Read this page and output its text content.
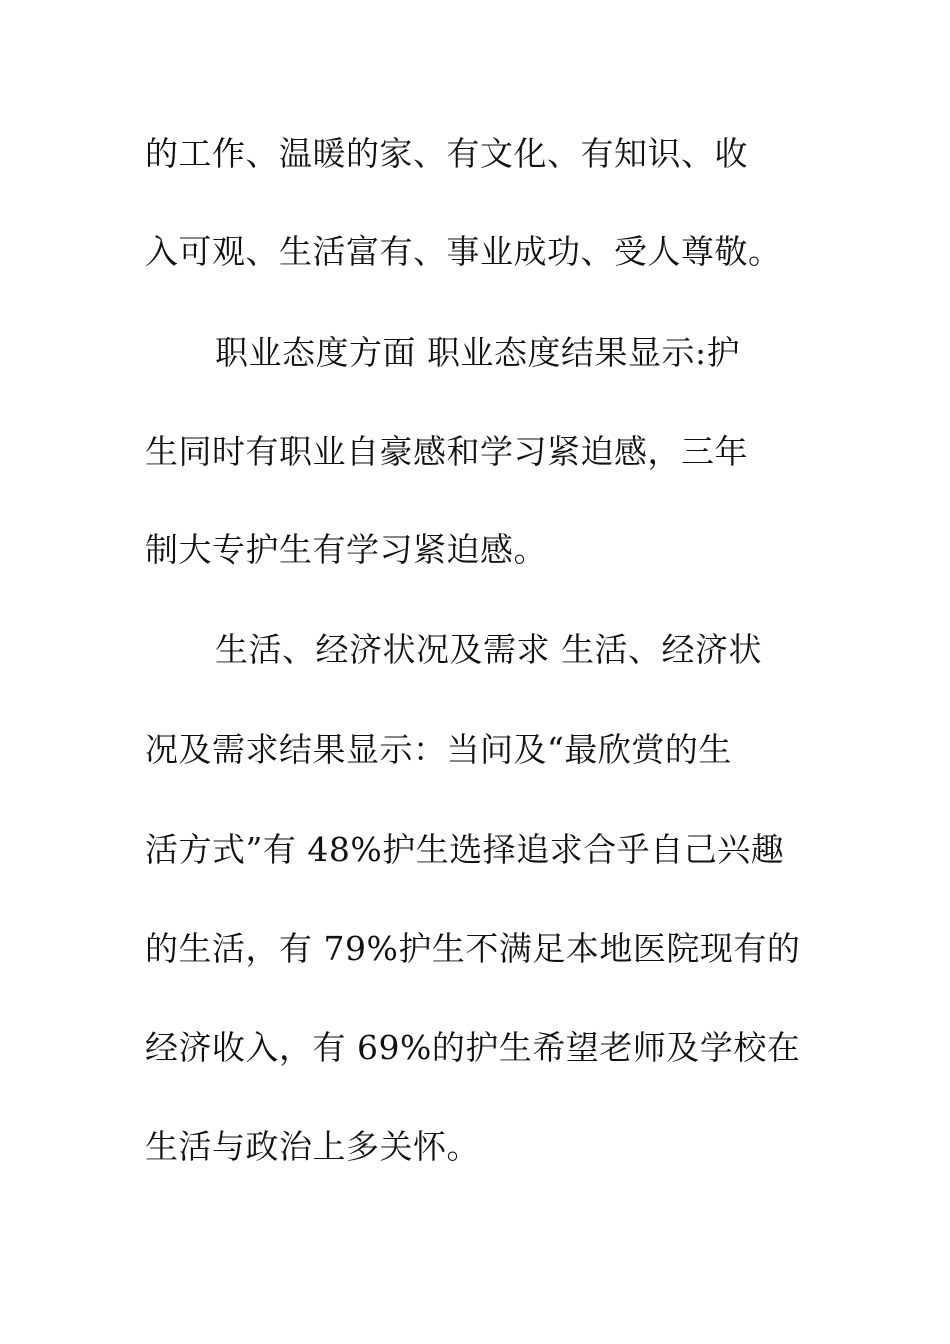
的工作、温暖的家、有文化、有知识、收
入可观、生活富有、事业成功、受人尊敬。
职业态度方面 职业态度结果显示:护
生同时有职业自豪感和学习紧迫感，三年
制大专护生有学习紧迫感。
生活、经济状况及需求 生活、经济状
况及需求结果显示：当问及“最欣赏的生
活方式”有 48%护生选择追求合乎自己兴趣
的生活，有 79%护生不满足本地医院现有的
经济收入，有 69%的护生希望老师及学校在
生活与政治上多关怀。
